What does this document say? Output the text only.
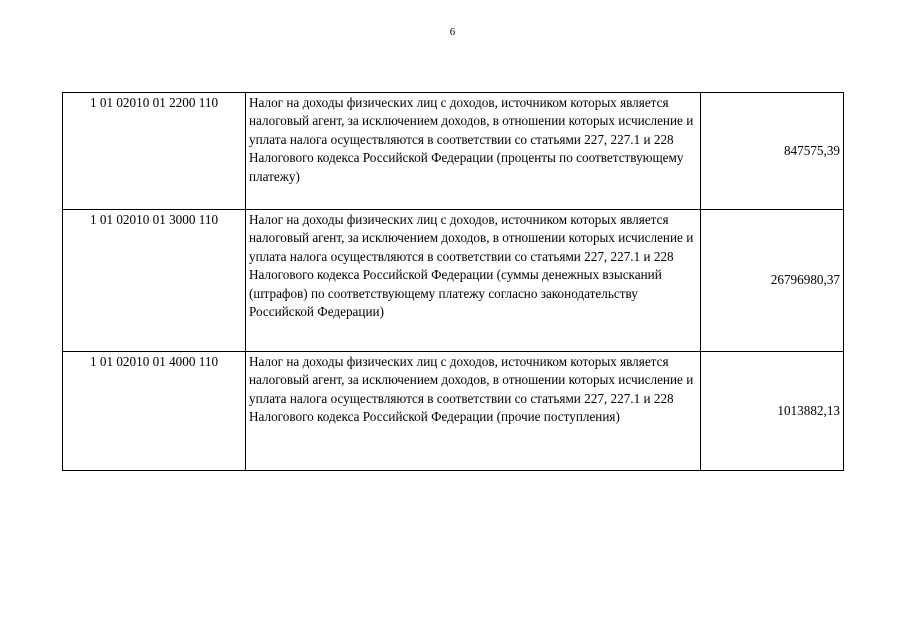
6
1 01 02010 01 2200 110	Налог на доходы физических лиц с доходов, источником которых является налоговый агент, за исключением доходов, в отношении которых исчисление и уплата налога осуществляются в соответствии со статьями 227, 227.1 и 228 Налогового кодекса Российской Федерации (проценты по соответствующему платежу)	847575,39
1 01 02010 01 3000 110	Налог на доходы физических лиц с доходов, источником которых является налоговый агент, за исключением доходов, в отношении которых исчисление и уплата налога осуществляются в соответствии со статьями 227, 227.1 и 228 Налогового кодекса Российской Федерации (суммы денежных взысканий (штрафов) по соответствующему платежу согласно законодательству Российской Федерации)	26796980,37
1 01 02010 01 4000 110	Налог на доходы физических лиц с доходов, источником которых является налоговый агент, за исключением доходов, в отношении которых исчисление и уплата налога осуществляются в соответствии со статьями 227, 227.1 и 228 Налогового кодекса Российской Федерации (прочие поступления)	1013882,13
